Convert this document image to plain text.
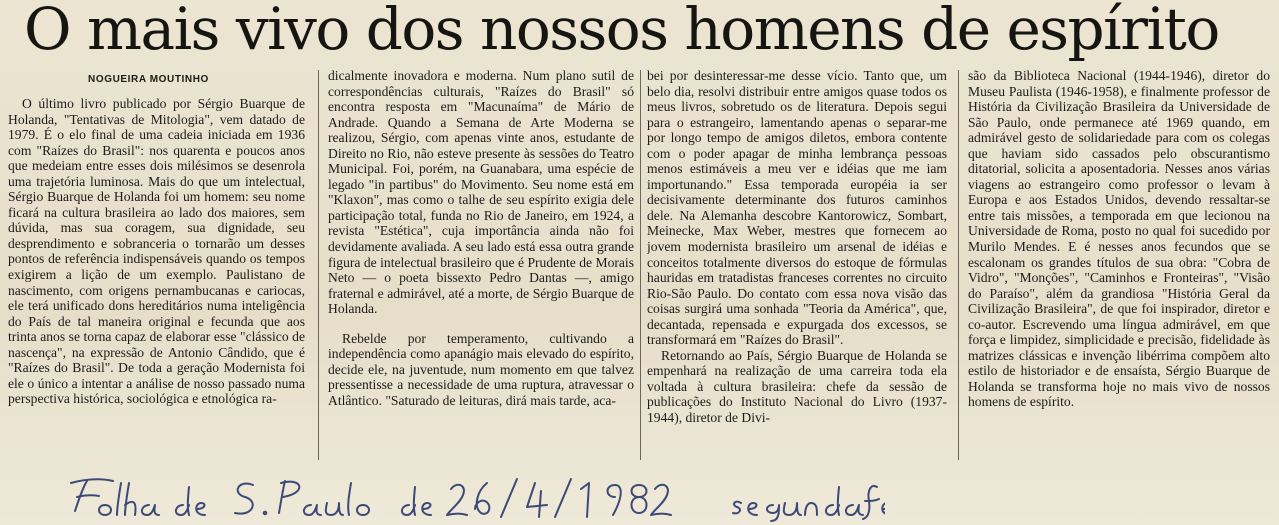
O mais vivo dos nossos homens de espírito
NOGUEIRA MOUTINHO

O último livro publicado por Sérgio Buarque de Holanda, "Tentativas de Mitologia", vem datado de 1979. É o elo final de uma cadeia iniciada em 1936 com "Raízes do Brasil": nos quarenta e poucos anos que medeiam entre esses dois milésimos se desenrola uma trajetória luminosa. Mais do que um intelectual, Sérgio Buarque de Holanda foi um homem: seu nome ficará na cultura brasileira ao lado dos maiores, sem dúvida, mas sua coragem, sua dignidade, seu desprendimento e sobranceria o tornarão um desses pontos de referência indispensáveis quando os tempos exigirem a lição de um exemplo. Paulistano de nascimento, com origens pernambucanas e cariocas, ele terá unificado dons hereditários numa inteligência do País de tal maneira original e fecunda que aos trinta anos se torna capaz de elaborar esse "clássico de nascença", na expressão de Antonio Cândido, que é "Raízes do Brasil". De toda a geração Modernista foi ele o único a intentar a análise de nosso passado numa perspectiva histórica, sociológica e etnológica ra-

dicalmente inovadora e moderna. Num plano sutil de correspondências culturais, "Raízes do Brasil" só encontra resposta em "Macunaíma" de Mário de Andrade. Quando a Semana de Arte Moderna se realizou, Sérgio, com apenas vinte anos, estudante de Direito no Rio, não esteve presente às sessões do Teatro Municipal. Foi, porém, na Guanabara, uma espécie de legado "in partibus" do Movimento. Seu nome está em "Klaxon", mas como o talhe de seu espírito exigia dele participação total, funda no Rio de Janeiro, em 1924, a revista "Estética", cuja importância ainda não foi devidamente avaliada. A seu lado está essa outra grande figura de intelectual brasileiro que é Prudente de Morais Neto — o poeta bissexto Pedro Dantas —, amigo fraternal e admirável, até a morte, de Sérgio Buarque de Holanda.

Rebelde por temperamento, cultivando a independência como apanágio mais elevado do espírito, decide ele, na juventude, num momento em que talvez pressentisse a necessidade de uma ruptura, atravessar o Atlântico. "Saturado de leituras, dirá mais tarde, aca-

bei por desinteressar-me desse vício. Tanto que, um belo dia, resolvi distribuir entre amigos quase todos os meus livros, sobretudo os de literatura. Depois segui para o estrangeiro, lamentando apenas o separar-me por longo tempo de amigos diletos, embora contente com o poder apagar de minha lembrança pessoas menos estimáveis a meu ver e idéias que me iam importunando." Essa temporada européia ia ser decisivamente determinante dos futuros caminhos dele. Na Alemanha descobre Kantorowicz, Sombart, Meinecke, Max Weber, mestres que fornecem ao jovem modernista brasileiro um arsenal de idéias e conceitos totalmente diversos do estoque de fórmulas hauridas em tratadistas franceses correntes no circuito Rio-São Paulo. Do contato com essa nova visão das coisas surgirá uma sonhada "Teoria da América", que, decantada, repensada e expurgada dos excessos, se transformará em "Raízes do Brasil".

Retornando ao País, Sérgio Buarque de Holanda se empenhará na realização de uma carreira toda ela voltada à cultura brasileira: chefe da sessão de publicações do Instituto Nacional do Livro (1937-1944), diretor de Divi-

são da Biblioteca Nacional (1944-1946), diretor do Museu Paulista (1946-1958), e finalmente professor de História da Civilização Brasileira da Universidade de São Paulo, onde permanece até 1969 quando, em admirável gesto de solidariedade para com os colegas que haviam sido cassados pelo obscurantismo ditatorial, solicita a aposentadoria. Nesses anos várias viagens ao estrangeiro como professor o levam à Europa e aos Estados Unidos, devendo ressaltar-se entre tais missões, a temporada em que lecionou na Universidade de Roma, posto no qual foi sucedido por Murilo Mendes. E é nesses anos fecundos que se escalonam os grandes títulos de sua obra: "Cobra de Vidro", "Monções", "Caminhos e Fronteiras", "Visão do Paraíso", além da grandiosa "História Geral da Civilização Brasileira", de que foi inspirador, diretor e co-autor. Escrevendo uma língua admirável, em que força e limpidez, simplicidade e precisão, fidelidade às matrizes clássicas e invenção libérrima compõem alto estilo de historiador e de ensaísta, Sérgio Buarque de Holanda se transforma hoje no mais vivo de nossos homens de espírito.
